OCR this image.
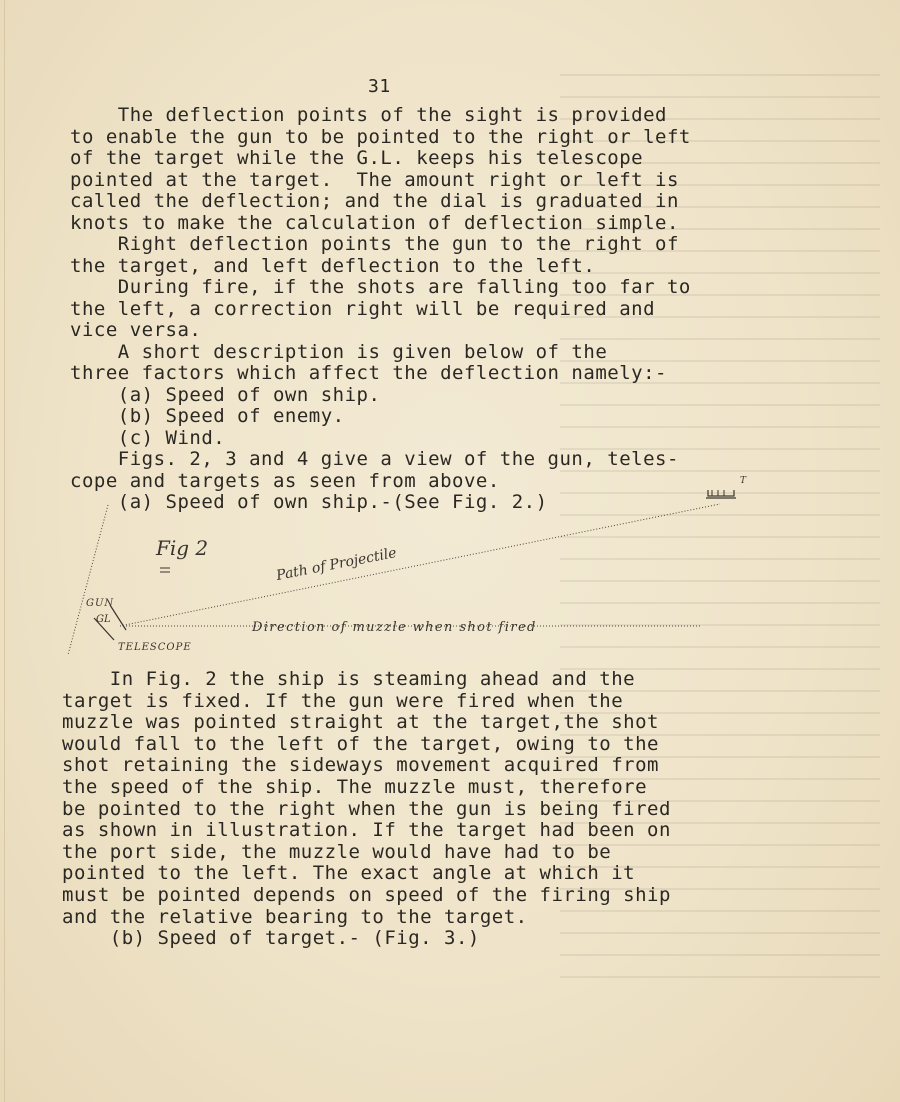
31
The deflection points of the sight is provided
to enable the gun to be pointed to the right or left
of the target while the G.L. keeps his telescope
pointed at the target.  The amount right or left is
called the deflection; and the dial is graduated in
knots to make the calculation of deflection simple.
Right deflection points the gun to the right of
the target, and left deflection to the left.
During fire, if the shots are falling too far to
the left, a correction right will be required and
vice versa.
A short description is given below of the
three factors which affect the deflection namely:-
(a) Speed of own ship.
(b) Speed of enemy.
(c) Wind.
Figs. 2, 3 and 4 give a view of the gun, teles-
cope and targets as seen from above.
(a) Speed of own ship.-(See Fig. 2.)
Fig 2	Path of Projectile
Direction of muzzle when shot fired
GUN
TELESCOPE
GL
T
In Fig. 2 the ship is steaming ahead and the
target is fixed. If the gun were fired when the
muzzle was pointed straight at the target,the shot
would fall to the left of the target, owing to the
shot retaining the sideways movement acquired from
the speed of the ship. The muzzle must, therefore
be pointed to the right when the gun is being fired
as shown in illustration. If the target had been on
the port side, the muzzle would have had to be
pointed to the left. The exact angle at which it
must be pointed depends on speed of the firing ship
and the relative bearing to the target.
(b) Speed of target.- (Fig. 3.)
